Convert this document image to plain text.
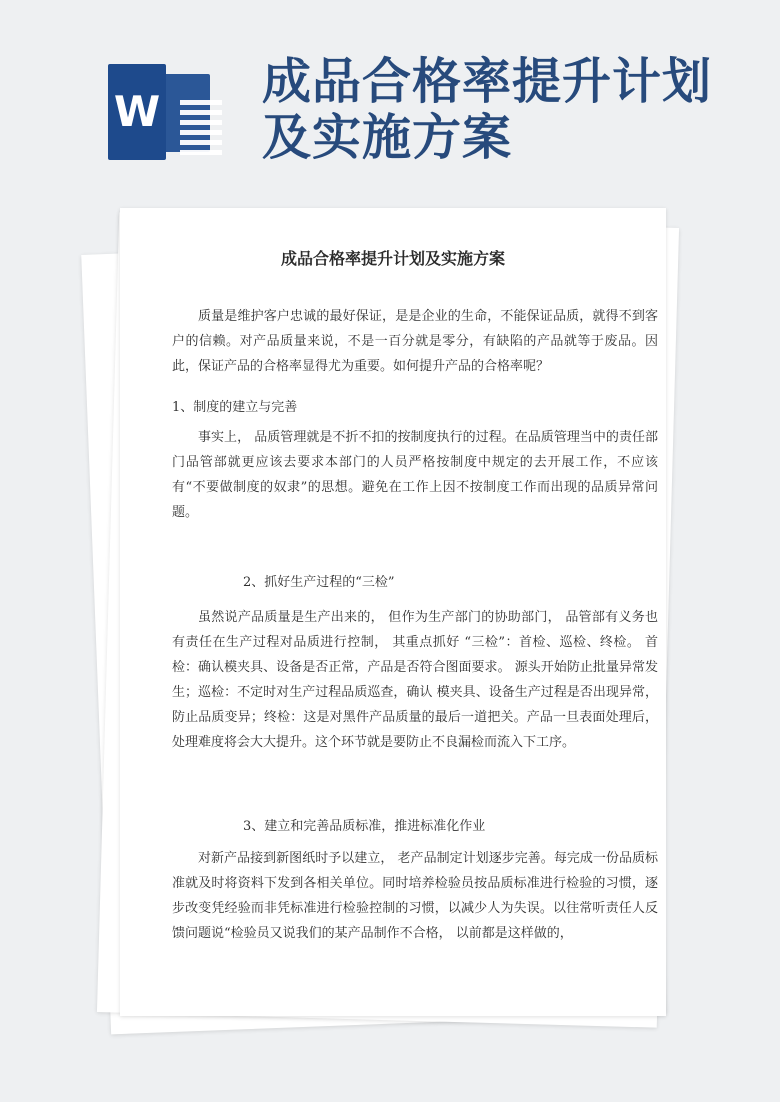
W
成品合格率提升计划及实施方案
成品合格率提升计划及实施方案

质量是维护客户忠诚的最好保证，是是企业的生命，不能保证品质，就得不到客户的信赖。对产品质量来说，不是一百分就是零分，有缺陷的产品就等于废品。因此，保证产品的合格率显得尤为重要。如何提升产品的合格率呢？

1、制度的建立与完善

事实上， 品质管理就是不折不扣的按制度执行的过程。在品质管理当中的责任部门品管部就更应该去要求本部门的人员严格按制度中规定的去开展工作，不应该有“不要做制度的奴隶”的思想。避免在工作上因不按制度工作而出现的品质异常问题。

2、抓好生产过程的“三检”

虽然说产品质量是生产出来的， 但作为生产部门的协助部门， 品管部有义务也有责任在生产过程对品质进行控制， 其重点抓好 “三检”：首检、巡检、终检。 首检：确认模夹具、设备是否正常，产品是否符合图面要求。 源头开始防止批量异常发生；巡检：不定时对生产过程品质巡查，确认 模夹具、设备生产过程是否出现异常， 防止品质变异；终检：这是对黑件产品质量的最后一道把关。产品一旦表面处理后，处理难度将会大大提升。这个环节就是要防止不良漏检而流入下工序。

3、建立和完善品质标准，推进标准化作业

对新产品接到新图纸时予以建立， 老产品制定计划逐步完善。每完成一份品质标准就及时将资料下发到各相关单位。同时培养检验员按品质标准进行检验的习惯，逐步改变凭经验而非凭标准进行检验控制的习惯，以减少人为失误。以往常听责任人反馈问题说“检验员又说我们的某产品制作不合格， 以前都是这样做的，
